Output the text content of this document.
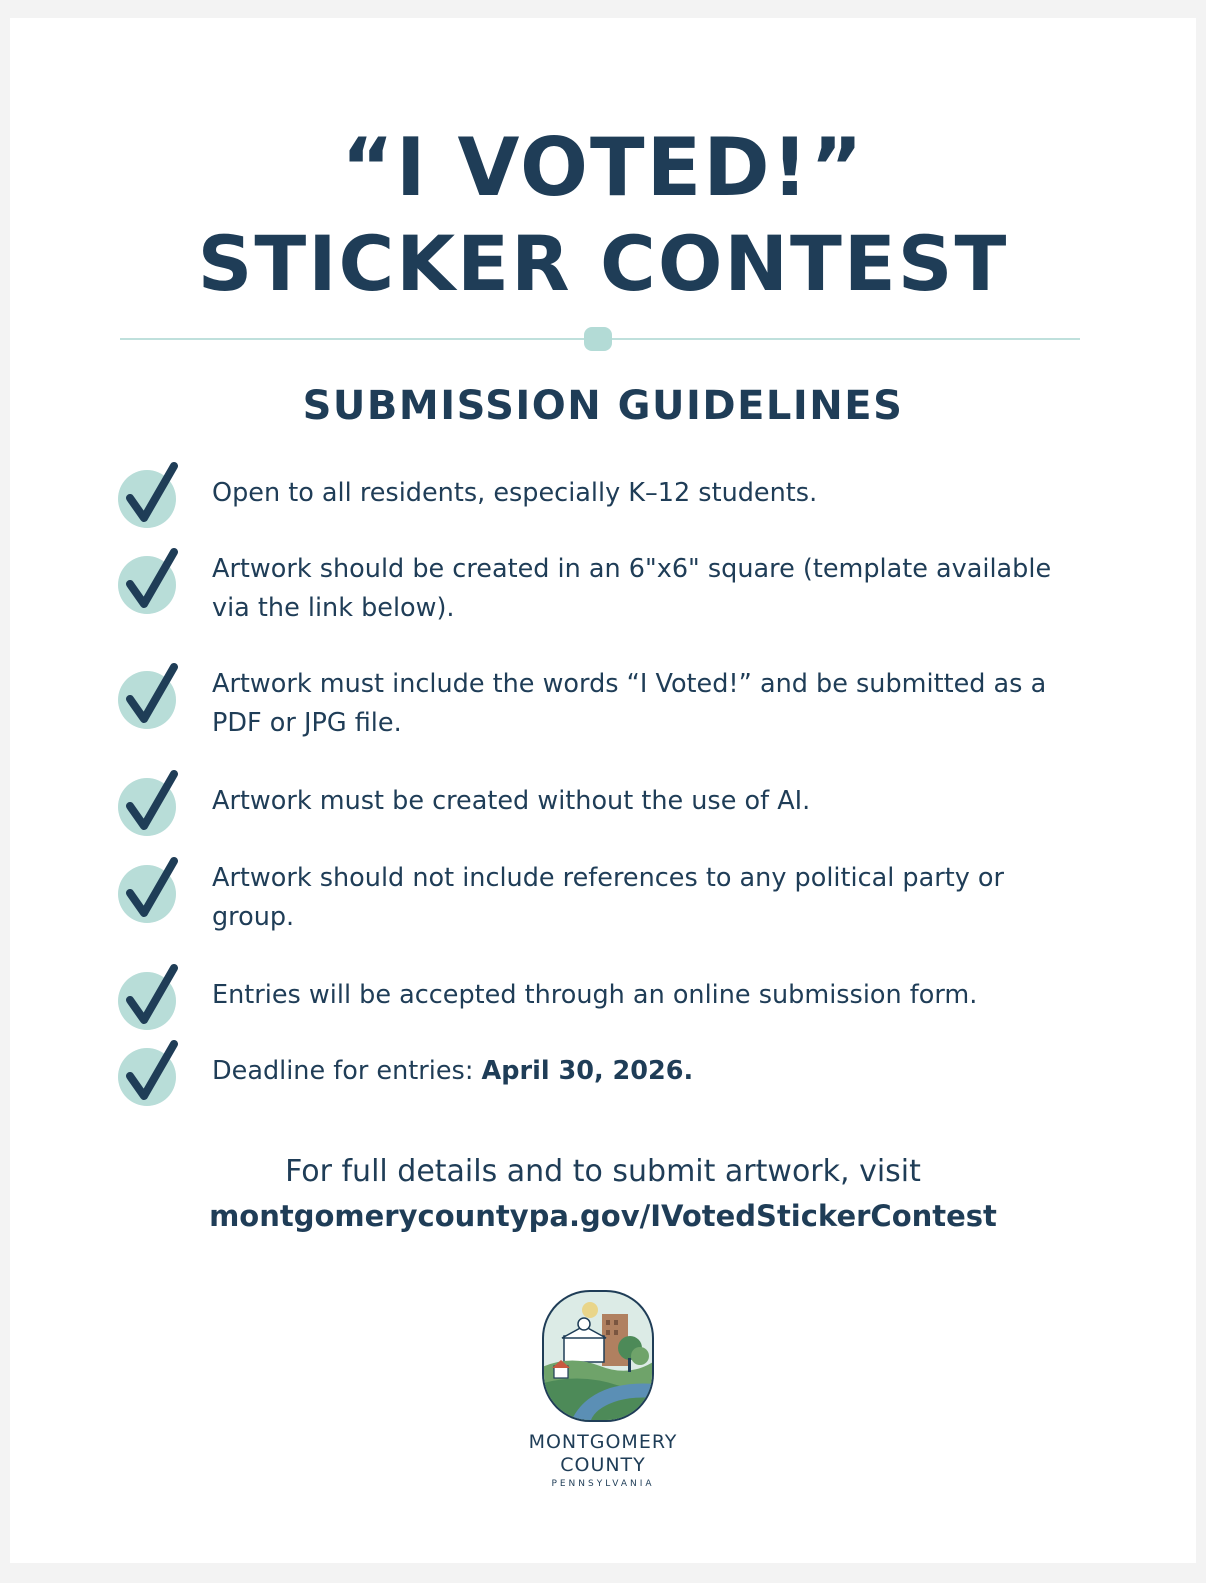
“I VOTED!”
STICKER CONTEST
SUBMISSION GUIDELINES
Open to all residents, especially K–12 students.
Artwork should be created in an 6"x6" square (template available via the link below).
Artwork must include the words “I Voted!” and be submitted as a PDF or JPG file.
Artwork must be created without the use of AI.
Artwork should not include references to any political party or group.
Entries will be accepted through an online submission form.
Deadline for entries: April 30, 2026.
For full details and to submit artwork, visit
montgomerycountypa.gov/IVotedStickerContest
MONTGOMERY
COUNTY
PENNSYLVANIA
